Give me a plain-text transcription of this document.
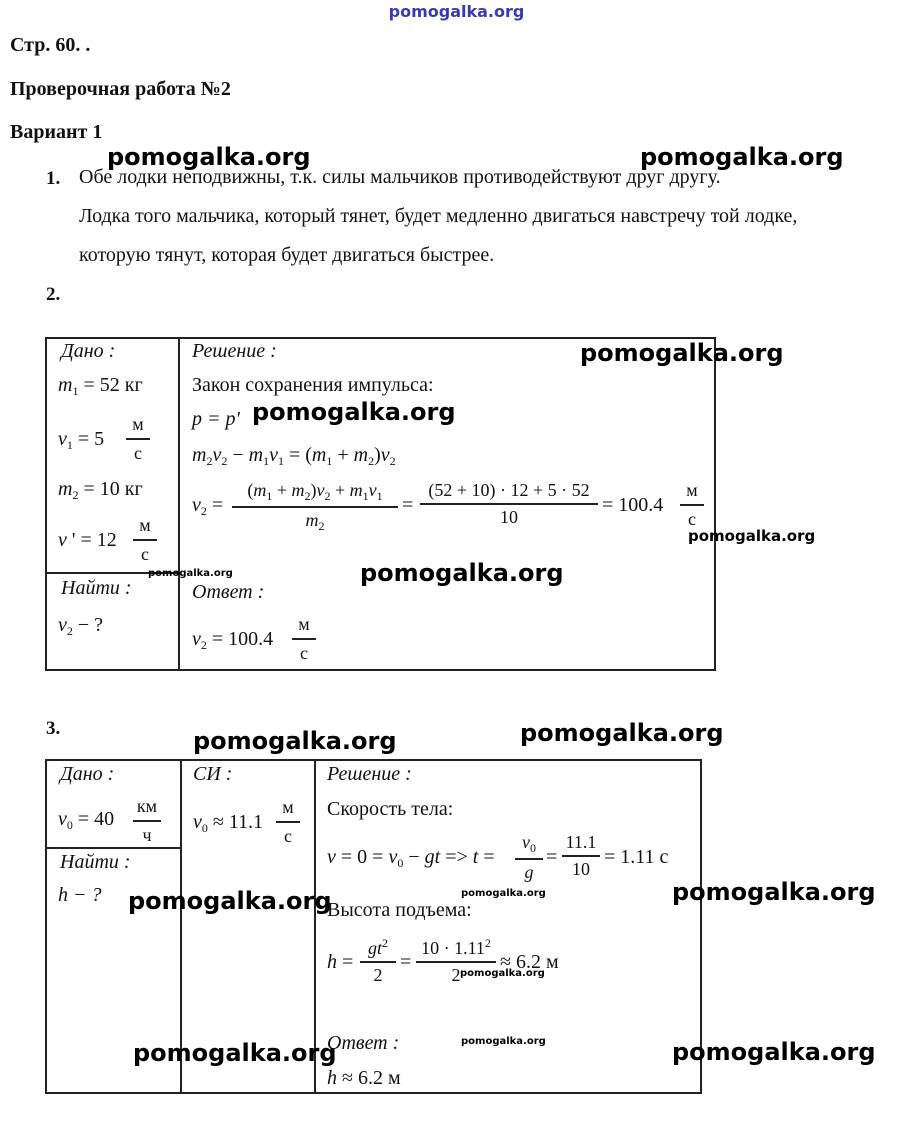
pomogalka.org
Стр. 60. .
Проверочная работа №2
Вариант 1
pomogalka.org	pomogalka.org
1. Обе лодки неподвижны, т.к. силы мальчиков противодействуют друг другу.
Лодка того мальчика, который тянет, будет медленно двигаться навстречу той лодке,
которую тянут, которая будет двигаться быстрее.
2.
Дано :
$m_1 = 52$ кг
$v_1 = 5$
м
с
$m_2 = 10$ кг
v ' = 12
м
с
pomogalka.org
Найти :
$v_2$ − ?
Решение :	pomogalka.org
Закон сохранения импульса:
p = p' pomogalka.org
$m_2v_2 - m_1v_1 = (m_1 + m_2)v_2$
$v_2$ =
$(m_1 + m_2)v_2 + m_1v_1$
$m_2$
=
(52 + 10) · 12 + 5 · 52
10
= 100.4
м
с
pomogalka.org
pomogalka.org
Ответ :
$v_2 = 100.4$
м
с
3.	pomogalka.org	pomogalka.org
Дано :
$v_0 = 40$
км
ч
Найти :
h − ? pomogalka.org
СИ :
$v_0 \approx 11.1$
м
с
Решение :
Скорость тела:
$v = 0 = v_0$ − gt => t =
$v_0$
g
=
11.1
10
= 1.11 с
pomogalka.org	pomogalka.org
Высота подъема:
h =
$gt^2$
2
=
$10 \cdot 1.11^2$
2
≈ 6.2 м
pomogalka.org
Ответ :	pomogalka.org
h ≈ 6.2 м
pomogalka.org	pomogalka.org
